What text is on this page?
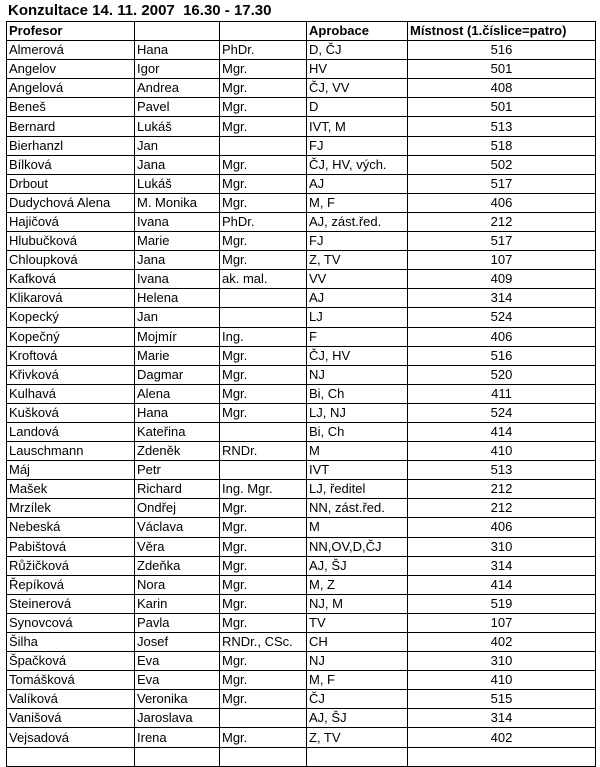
Konzultace 14. 11. 2007  16.30 - 17.30
Profesor			Aprobace	Místnost (1.číslice=patro)
Almerová	Hana	PhDr.	D, ČJ	516
Angelov	Igor	Mgr.	HV	501
Angelová	Andrea	Mgr.	ČJ, VV	408
Beneš	Pavel	Mgr.	D	501
Bernard	Lukáš	Mgr.	IVT, M	513
Bierhanzl	Jan		FJ	518
Bílková	Jana	Mgr.	ČJ, HV, vých.	502
Drbout	Lukáš	Mgr.	AJ	517
Dudychová Alena	M. Monika	Mgr.	M, F	406
Hajičová	Ivana	PhDr.	AJ, zást.řed.	212
Hlubučková	Marie	Mgr.	FJ	517
Chloupková	Jana	Mgr.	Z, TV	107
Kafková	Ivana	ak. mal.	VV	409
Klikarová	Helena		AJ	314
Kopecký	Jan		LJ	524
Kopečný	Mojmír	Ing.	F	406
Kroftová	Marie	Mgr.	ČJ, HV	516
Křivková	Dagmar	Mgr.	NJ	520
Kulhavá	Alena	Mgr.	Bi, Ch	411
Kušková	Hana	Mgr.	LJ, NJ	524
Landová	Kateřina		Bi, Ch	414
Lauschmann	Zdeněk	RNDr.	M	410
Máj	Petr		IVT	513
Mašek	Richard	Ing. Mgr.	LJ, ředitel	212
Mrzílek	Ondřej	Mgr.	NN, zást.řed.	212
Nebeská	Václava	Mgr.	M	406
Pabištová	Věra	Mgr.	NN,OV,D,ČJ	310
Růžičková	Zdeňka	Mgr.	AJ, ŠJ	314
Řepíková	Nora	Mgr.	M, Z	414
Steinerová	Karin	Mgr.	NJ, M	519
Synovcová	Pavla	Mgr.	TV	107
Šilha	Josef	RNDr., CSc.	CH	402
Špačková	Eva	Mgr.	NJ	310
Tomášková	Eva	Mgr.	M, F	410
Valíková	Veronika	Mgr.	ČJ	515
Vanišová	Jaroslava		AJ, ŠJ	314
Vejsadová	Irena	Mgr.	Z, TV	402
